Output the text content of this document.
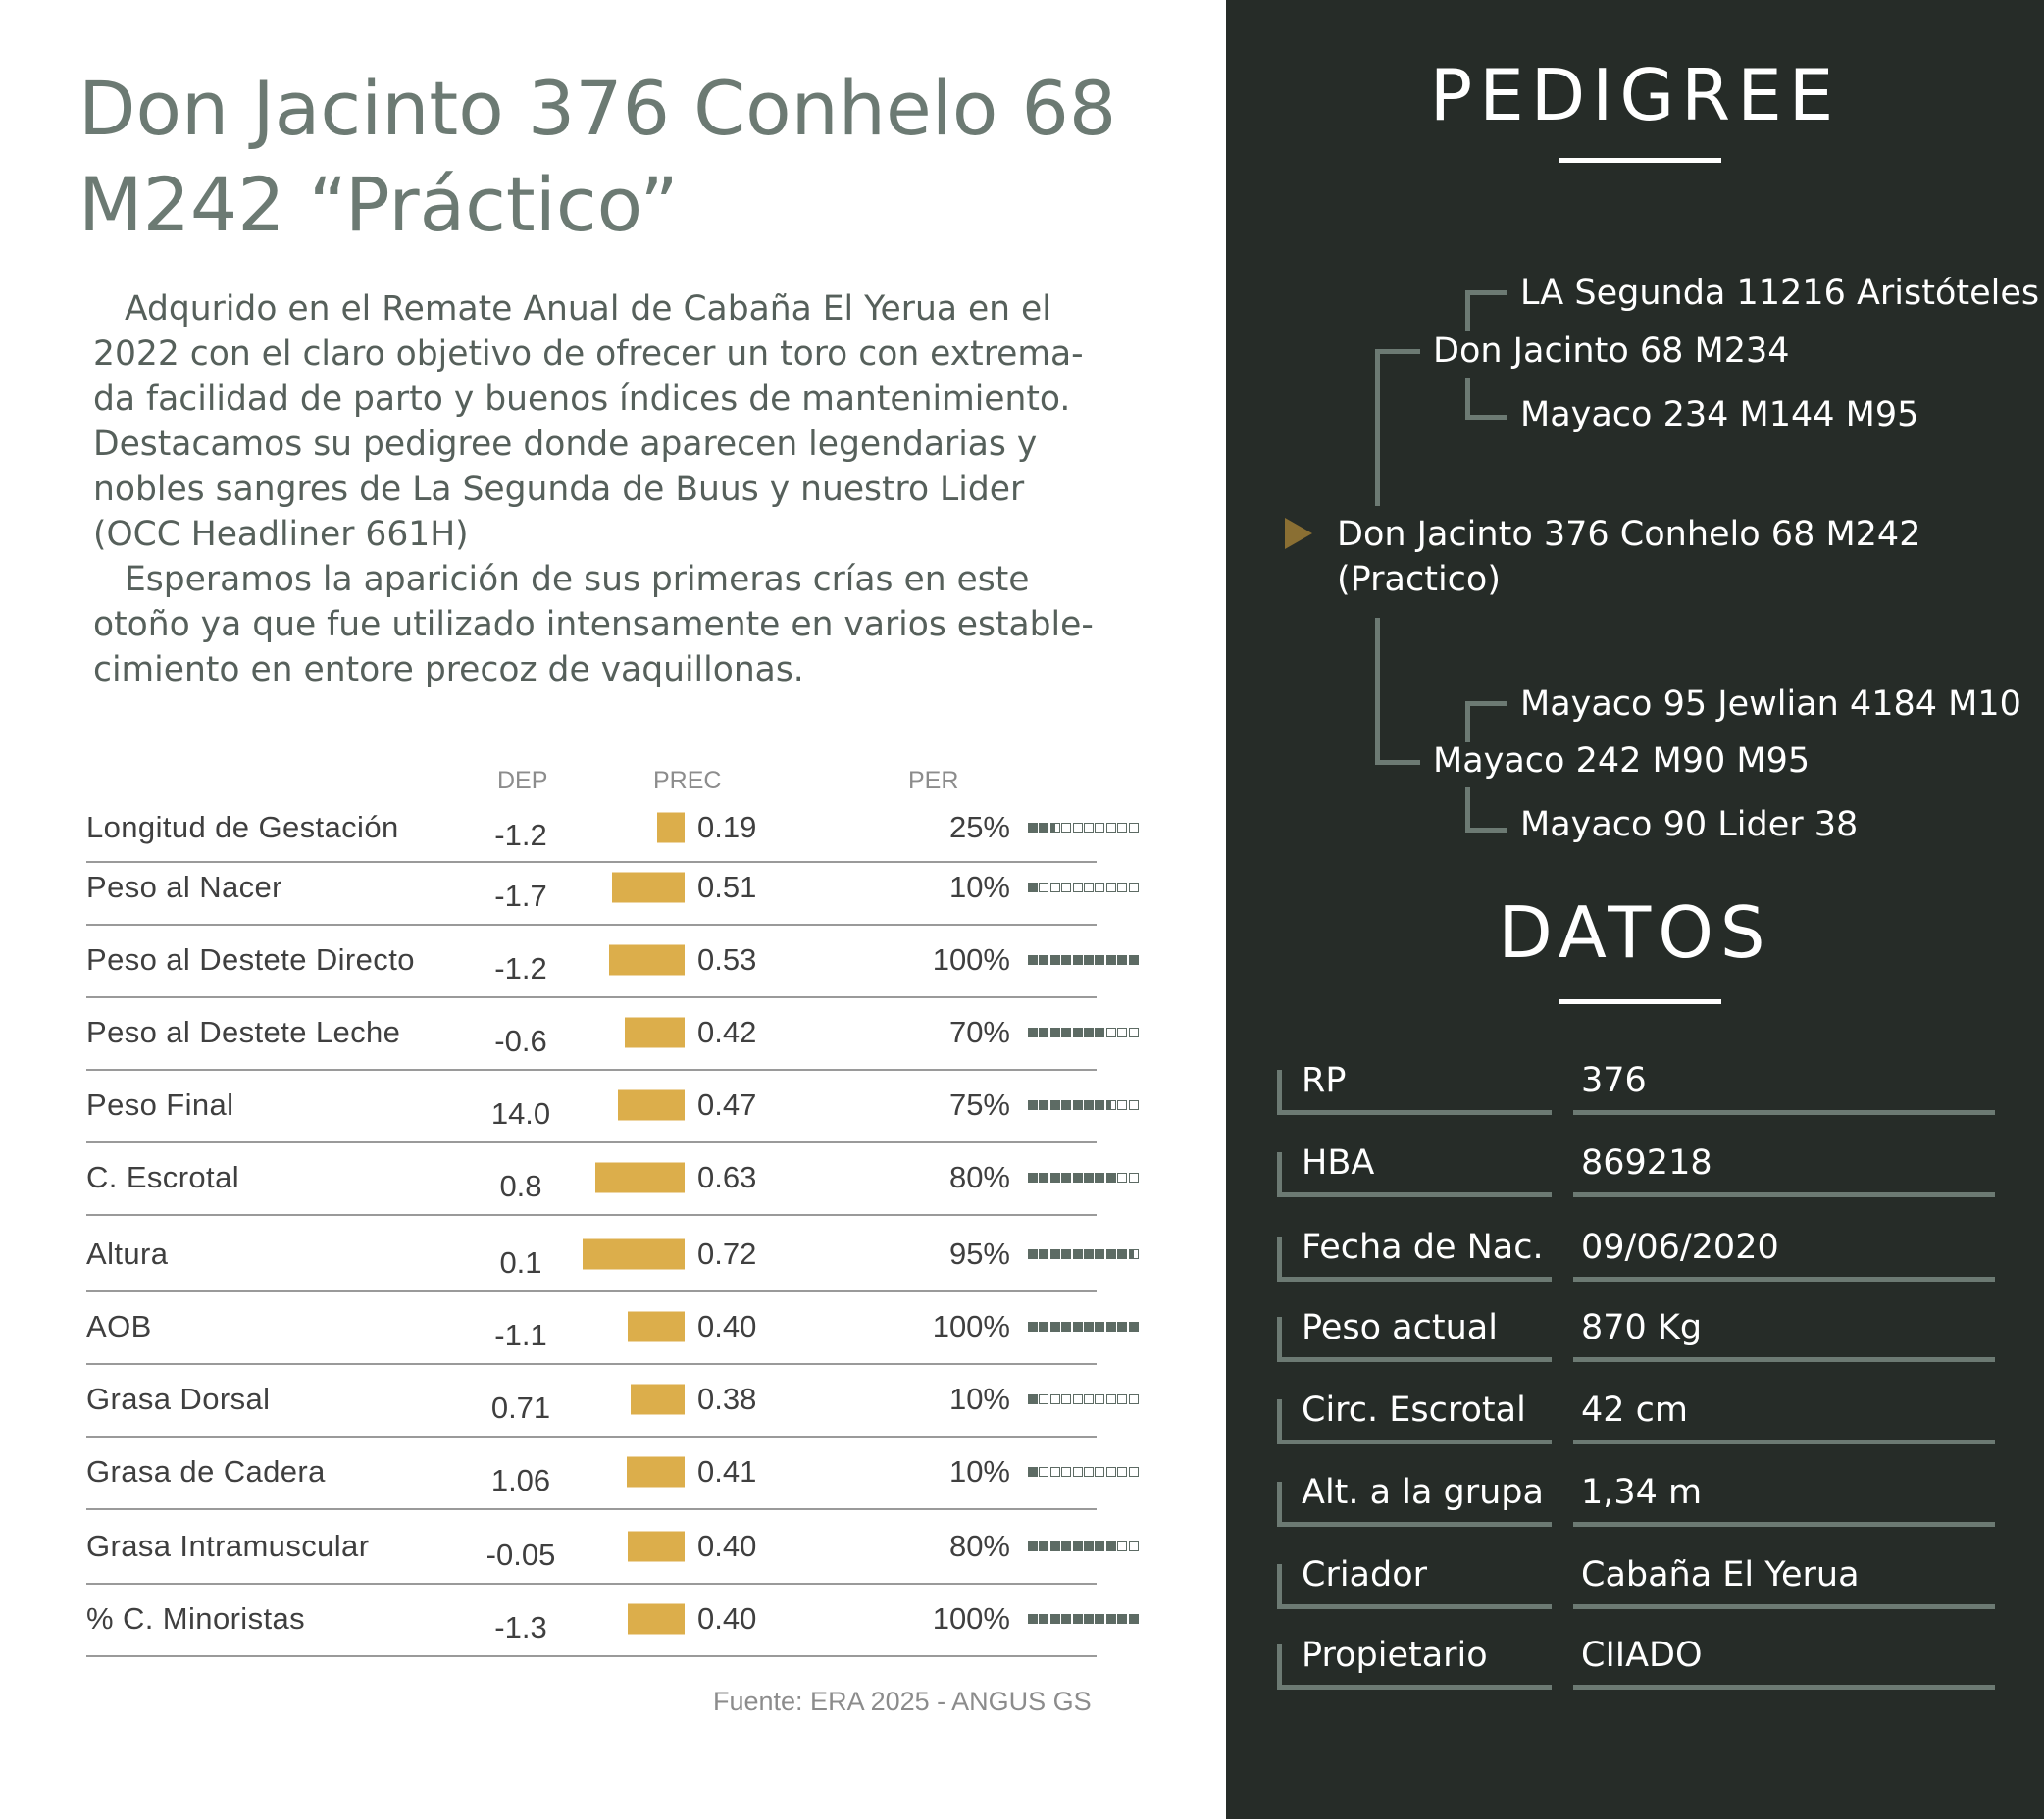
Don Jacinto 376 Conhelo 68
M242 “Práctico”

Adqurido en el Remate Anual de Cabaña El Yerua en el 2022 con el claro objetivo de ofrecer un toro con extrema-da facilidad de parto y buenos índices de mantenimiento. Destacamos su pedigree donde aparecen legendarias y nobles sangres de La Segunda de Buus y nuestro Lider (OCC Headliner 661H)

Esperamos la aparición de sus primeras crías en este otoño ya que fue utilizado intensamente en varios estable-cimiento en entore precoz de vaquillonas.

DEP	PREC	PER
Longitud de Gestación	-1.2	0.19	25%
Peso al Nacer	-1.7	0.51	10%
Peso al Destete Directo	-1.2	0.53	100%
Peso al Destete Leche	-0.6	0.42	70%
Peso Final	14.0	0.47	75%
C. Escrotal	0.8	0.63	80%
Altura	0.1	0.72	95%
AOB	-1.1	0.40	100%
Grasa Dorsal	0.71	0.38	10%
Grasa de Cadera	1.06	0.41	10%
Grasa Intramuscular	-0.05	0.40	80%
% C. Minoristas	-1.3	0.40	100%
Fuente: ERA 2025 - ANGUS GS
PEDIGREE
LA Segunda 11216 Aristóteles
Don Jacinto 68 M234
Mayaco 234 M144 M95
Don Jacinto 376 Conhelo 68 M242
(Practico)
Mayaco 95 Jewlian 4184 M10
Mayaco 242 M90 M95
Mayaco 90 Lider 38
DATOS
RP	376
HBA	869218
Fecha de Nac. 09/06/2020
Peso actual 870 Kg
Circ. Escrotal 42 cm
Alt. a la grupa 1,34 m
Criador	Cabaña El Yerua
Propietario	CIIADO
